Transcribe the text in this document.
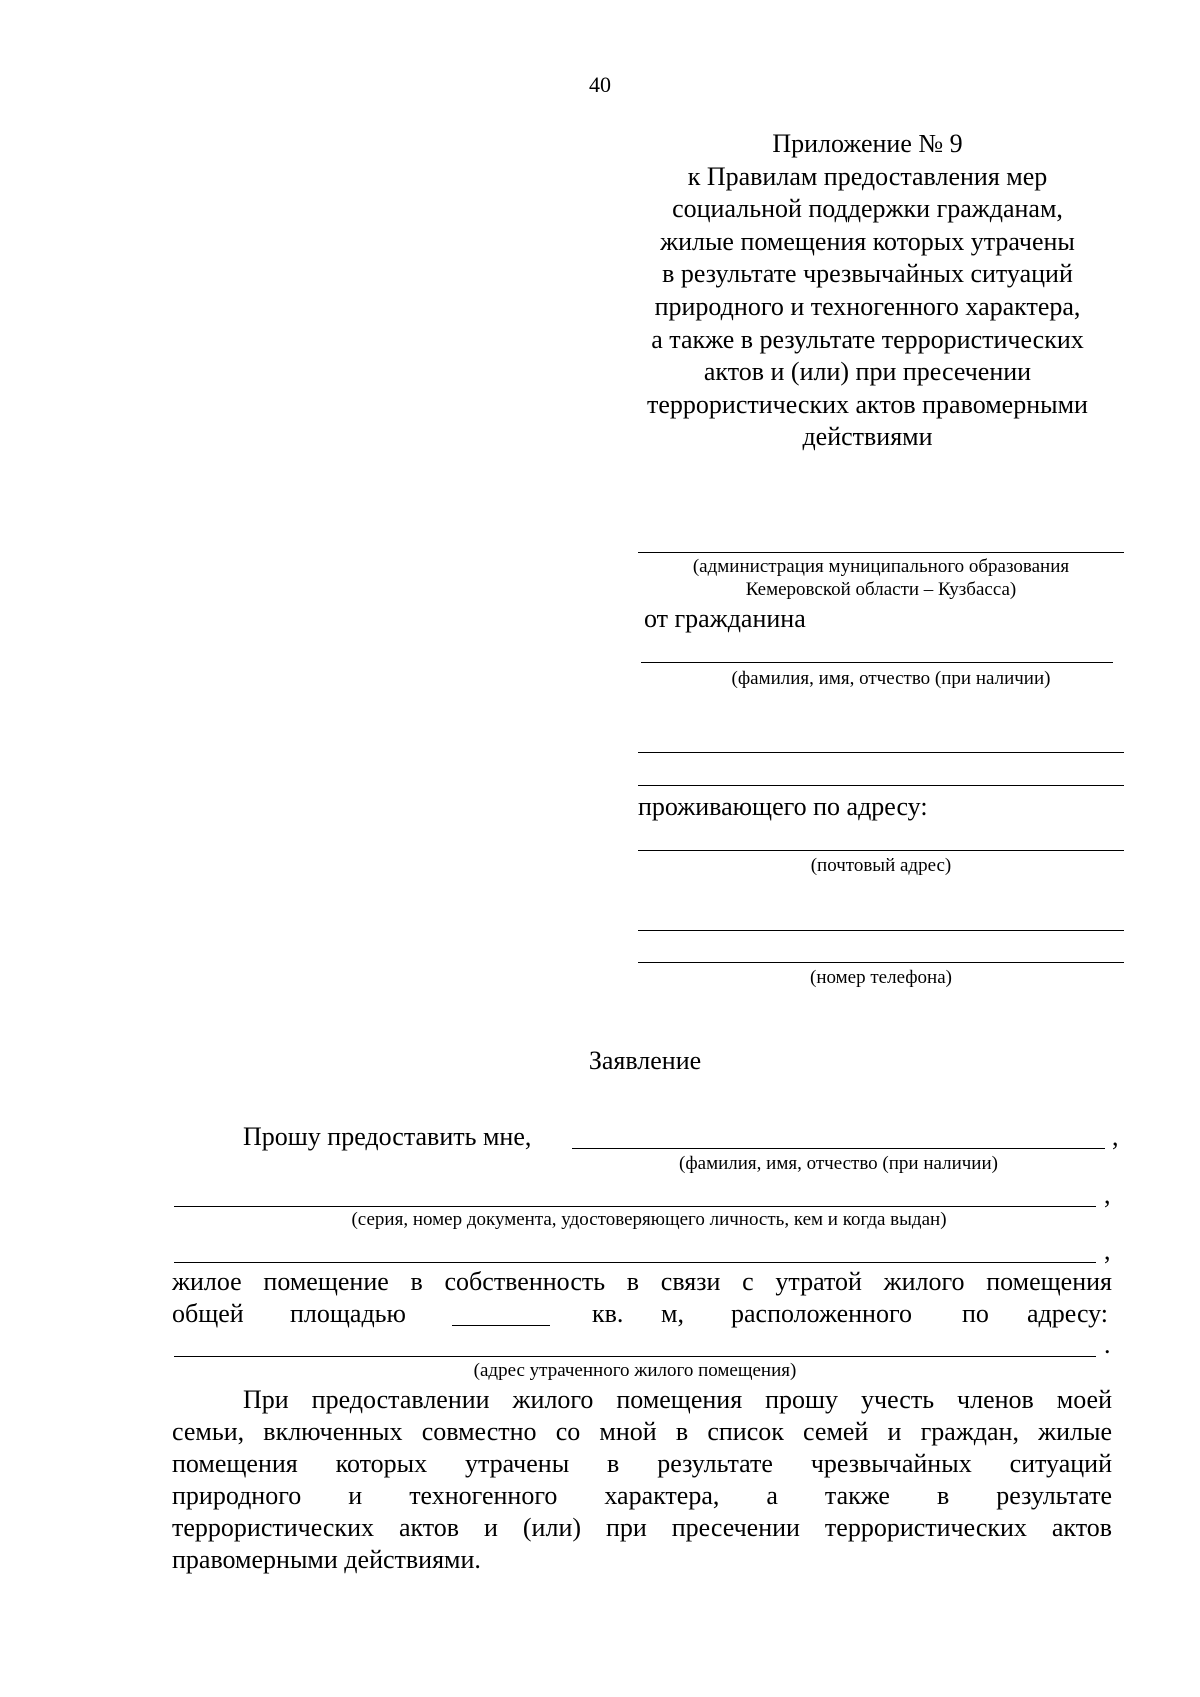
40
Приложение № 9
к Правилам предоставления мер
социальной поддержки гражданам,
жилые помещения которых утрачены
в результате чрезвычайных ситуаций
природного и техногенного характера,
а также в результате террористических
актов и (или) при пресечении
террористических актов правомерными
действиями
(администрация муниципального образования
Кемеровской области – Кузбасса)
от гражданина
(фамилия, имя, отчество (при наличии)
проживающего по адресу:
(почтовый адрес)
(номер телефона)
Заявление
Прошу предоставить мне,	,
(фамилия, имя, отчество (при наличии)
,
(серия, номер документа, удостоверяющего личность, кем и когда выдан)
,
жилое помещение в собственность в связи с утратой жилого помещения
общей площадью	кв. м, расположенного по адресу:
.
(адрес утраченного жилого помещения)
При предоставлении жилого помещения прошу учесть членов моей
семьи, включенных совместно со мной в список семей и граждан, жилые
помещения которых утрачены в результате чрезвычайных ситуаций
природного и техногенного характера, а также в результате
террористических актов и (или) при пресечении террористических актов
правомерными действиями.
